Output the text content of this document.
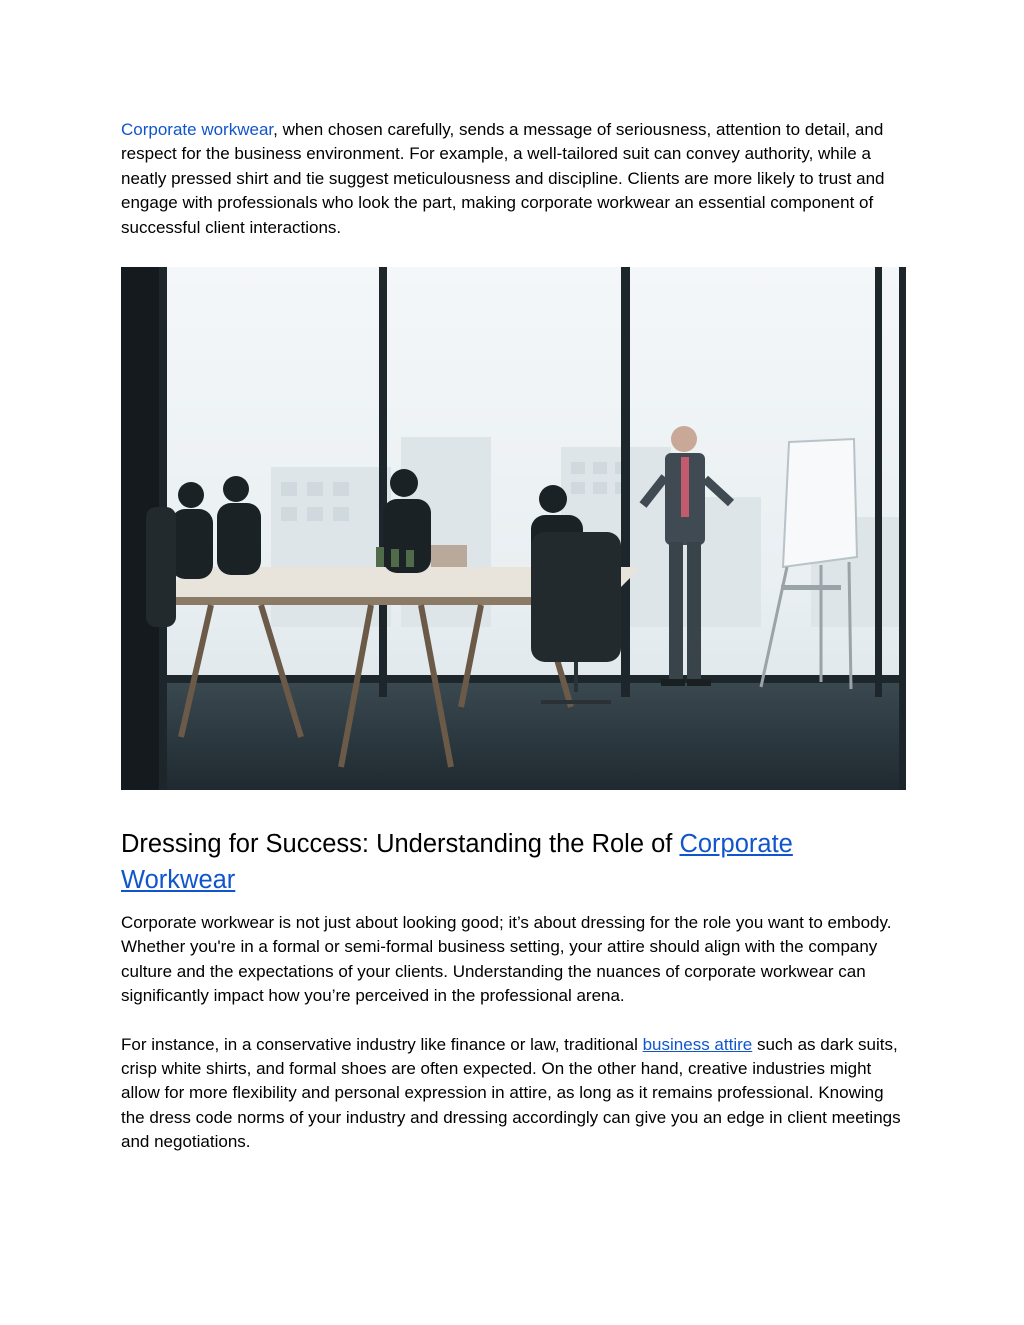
Corporate workwear, when chosen carefully, sends a message of seriousness, attention to detail, and respect for the business environment. For example, a well-tailored suit can convey authority, while a neatly pressed shirt and tie suggest meticulousness and discipline. Clients are more likely to trust and engage with professionals who look the part, making corporate workwear an essential component of successful client interactions.

Dressing for Success: Understanding the Role of Corporate Workwear

Corporate workwear is not just about looking good; it’s about dressing for the role you want to embody. Whether you're in a formal or semi-formal business setting, your attire should align with the company culture and the expectations of your clients. Understanding the nuances of corporate workwear can significantly impact how you’re perceived in the professional arena.

For instance, in a conservative industry like finance or law, traditional business attire such as dark suits, crisp white shirts, and formal shoes are often expected. On the other hand, creative industries might allow for more flexibility and personal expression in attire, as long as it remains professional. Knowing the dress code norms of your industry and dressing accordingly can give you an edge in client meetings and negotiations.
